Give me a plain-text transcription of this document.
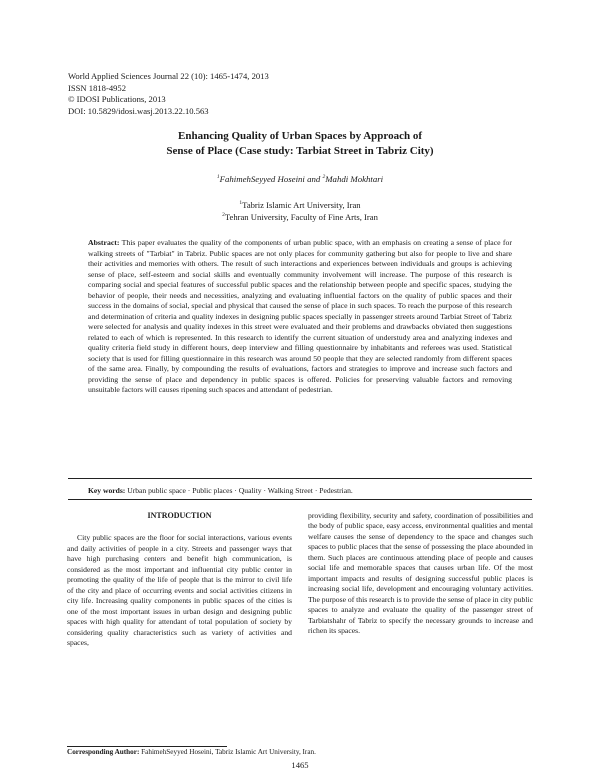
World Applied Sciences Journal 22 (10): 1465-1474, 2013
ISSN 1818-4952
© IDOSI Publications, 2013
DOI: 10.5829/idosi.wasj.2013.22.10.563
Enhancing Quality of Urban Spaces by Approach of
Sense of Place (Case study: Tarbiat Street in Tabriz City)
$^1$FahimehSeyyed Hoseini and $^2$Mahdi Mokhtari
$^1$Tabriz Islamic Art University, Iran
$^2$Tehran University, Faculty of Fine Arts, Iran
Abstract: This paper evaluates the quality of the components of urban public space, with an emphasis on creating a sense of place for walking streets of "Tarbiat" in Tabriz. Public spaces are not only places for community gathering but also for people to live and share their activities and memories with others. The result of such interactions and experiences between individuals and groups is achieving sense of place, self-esteem and social skills and eventually community involvement will increase. The purpose of this research is comparing social and special features of successful public spaces and the relationship between people and specific spaces, studying the behavior of people, their needs and necessities, analyzing and evaluating influential factors on the quality of public spaces and their success in the domains of social, special and physical that caused the sense of place in such spaces. To reach the purpose of this research and determination of criteria and quality indexes in designing public spaces specially in passenger streets around Tarbiat Street of Tabriz were selected for analysis and quality indexes in this street were evaluated and their problems and drawbacks obviated then suggestions related to each of which is represented. In this research to identify the current situation of understudy area and analyzing indexes and quality criteria field study in different hours, deep interview and filling questionnaire by inhabitants and referees was used. Statistical society that is used for filling questionnaire in this research was around 50 people that they are selected randomly from different spaces of the same area. Finally, by compounding the results of evaluations, factors and strategies to improve and increase such factors and providing the sense of place and dependency in public spaces is offered. Policies for preserving valuable factors and removing unsuitable factors will causes ripening such spaces and attendant of pedestrian.
Key words: Urban public space · Public places · Quality · Walking Street · Pedestrian.
INTRODUCTION

City public spaces are the floor for social interactions, various events and daily activities of people in a city. Streets and passenger ways that have high purchasing centers and benefit high communication, is considered as the most important and influential city public center in promoting the quality of the life of people that is the mirror to civil life of the city and place of occurring events and social activities citizens in city life. Increasing quality components in public spaces of the cities is one of the most important issues in urban design and designing public spaces with high quality for attendant of total population of society by considering quality characteristics such as variety of activities and spaces,

providing flexibility, security and safety, coordination of possibilities and the body of public space, easy access, environmental qualities and mental welfare causes the sense of dependency to the space and changes such spaces to public places that the sense of possessing the place abounded in them. Such places are continuous attending place of people and causes social life and memorable spaces that causes urban life. Of the most important impacts and results of designing successful public places is increasing social life, development and encouraging voluntary activities. The purpose of this research is to provide the sense of place in city public spaces to analyze and evaluate the quality of the passenger street of Tarbiatshahr of Tabriz to specify the necessary grounds to increase and richen its spaces.

Corresponding Author: FahimehSeyyed Hoseini, Tabriz Islamic Art University, Iran.
1465
